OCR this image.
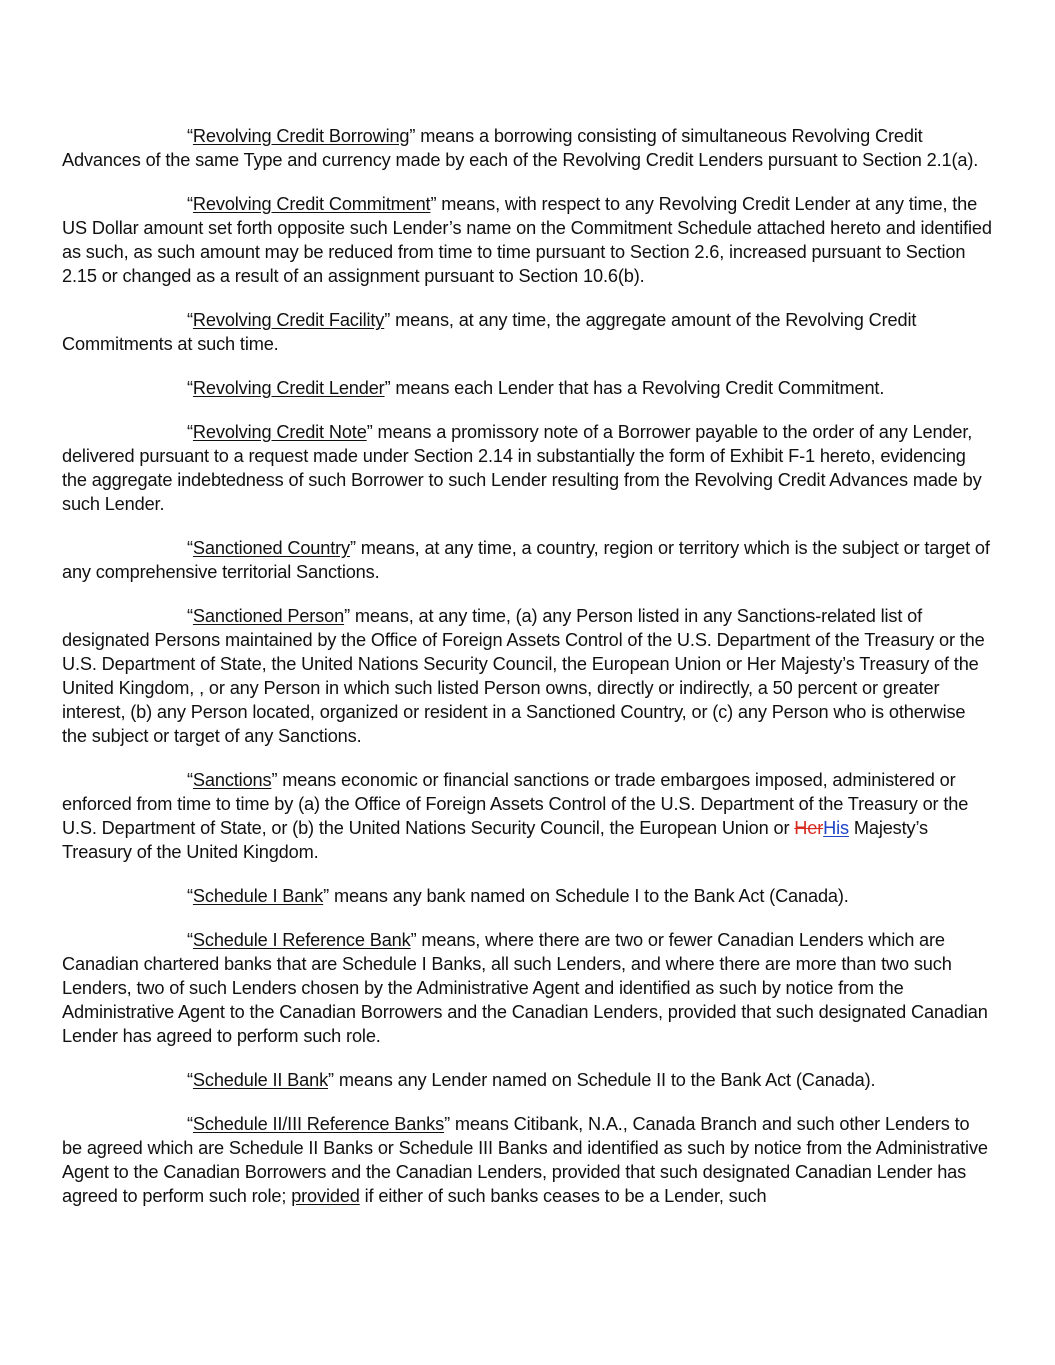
“Revolving Credit Borrowing” means a borrowing consisting of simultaneous Revolving Credit Advances of the same Type and currency made by each of the Revolving Credit Lenders pursuant to Section 2.1(a).

“Revolving Credit Commitment” means, with respect to any Revolving Credit Lender at any time, the US Dollar amount set forth opposite such Lender’s name on the Commitment Schedule attached hereto and identified as such, as such amount may be reduced from time to time pursuant to Section 2.6, increased pursuant to Section 2.15 or changed as a result of an assignment pursuant to Section 10.6(b).

“Revolving Credit Facility” means, at any time, the aggregate amount of the Revolving Credit Commitments at such time.

“Revolving Credit Lender” means each Lender that has a Revolving Credit Commitment.

“Revolving Credit Note” means a promissory note of a Borrower payable to the order of any Lender, delivered pursuant to a request made under Section 2.14 in substantially the form of Exhibit F-1 hereto, evidencing the aggregate indebtedness of such Borrower to such Lender resulting from the Revolving Credit Advances made by such Lender.

“Sanctioned Country” means, at any time, a country, region or territory which is the subject or target of any comprehensive territorial Sanctions.

“Sanctioned Person” means, at any time, (a) any Person listed in any Sanctions-related list of designated Persons maintained by the Office of Foreign Assets Control of the U.S. Department of the Treasury or the U.S. Department of State, the United Nations Security Council, the European Union or Her Majesty’s Treasury of the United Kingdom, , or any Person in which such listed Person owns, directly or indirectly, a 50 percent or greater interest, (b) any Person located, organized or resident in a Sanctioned Country, or (c) any Person who is otherwise the subject or target of any Sanctions.

“Sanctions” means economic or financial sanctions or trade embargoes imposed, administered or enforced from time to time by (a) the Office of Foreign Assets Control of the U.S. Department of the Treasury or the U.S. Department of State, or (b) the United Nations Security Council, the European Union or HerHis Majesty’s Treasury of the United Kingdom.

“Schedule I Bank” means any bank named on Schedule I to the Bank Act (Canada).

“Schedule I Reference Bank” means, where there are two or fewer Canadian Lenders which are Canadian chartered banks that are Schedule I Banks, all such Lenders, and where there are more than two such Lenders, two of such Lenders chosen by the Administrative Agent and identified as such by notice from the Administrative Agent to the Canadian Borrowers and the Canadian Lenders, provided that such designated Canadian Lender has agreed to perform such role.

“Schedule II Bank” means any Lender named on Schedule II to the Bank Act (Canada).

“Schedule II/III Reference Banks” means Citibank, N.A., Canada Branch and such other Lenders to be agreed which are Schedule II Banks or Schedule III Banks and identified as such by notice from the Administrative Agent to the Canadian Borrowers and the Canadian Lenders, provided that such designated Canadian Lender has agreed to perform such role; provided if either of such banks ceases to be a Lender, such
